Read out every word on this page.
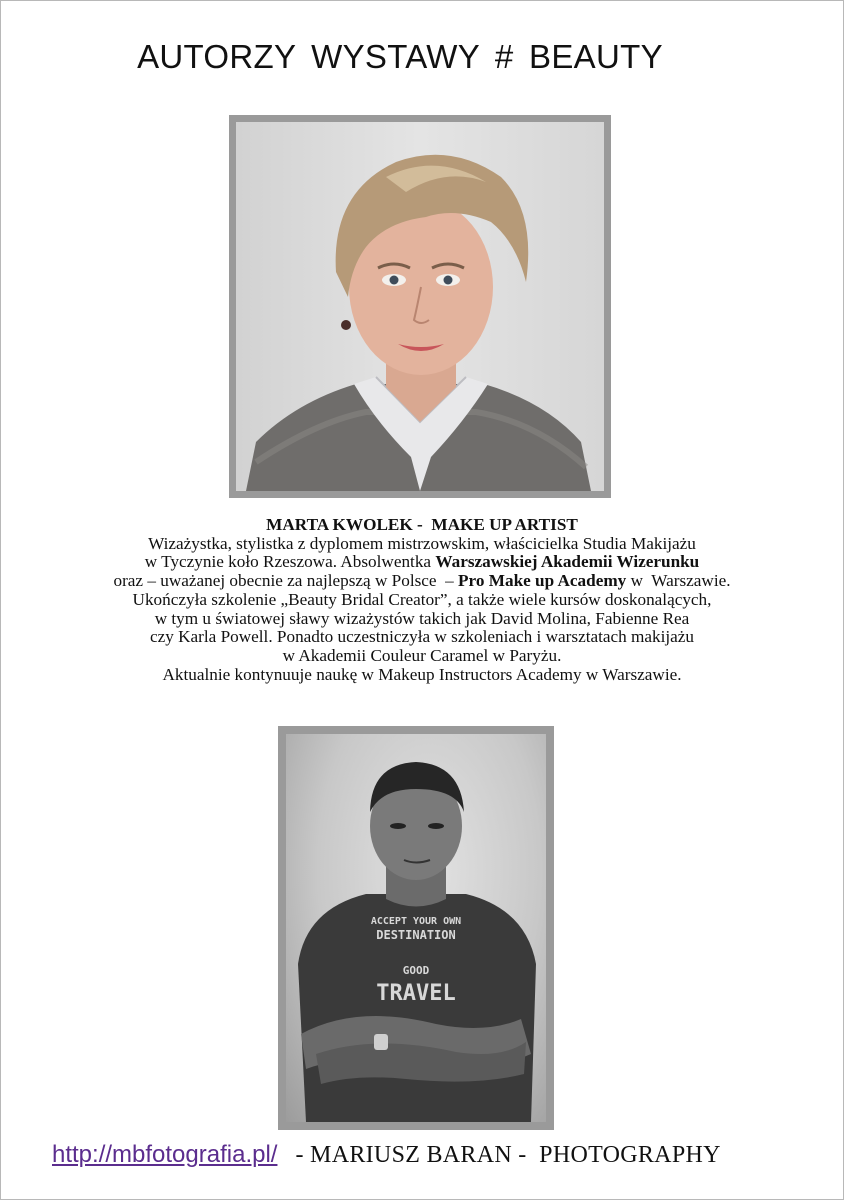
AUTORZY WYSTAWY # BEAUTY
MARTA KWOLEK -  MAKE UP ARTIST
Wizażystka, stylistka z dyplomem mistrzowskim, właścicielka Studia Makijażu
w Tyczynie koło Rzeszowa. Absolwentka Warszawskiej Akademii Wizerunku
oraz – uważanej obecnie za najlepszą w Polsce  – Pro Make up Academy w  Warszawie.
Ukończyła szkolenie „Beauty Bridal Creator”, a także wiele kursów doskonalących,
w tym u światowej sławy wizażystów takich jak David Molina, Fabienne Rea
czy Karla Powell. Ponadto uczestniczyła w szkoleniach i warsztatach makijażu
w Akademii Couleur Caramel w Paryżu.
Aktualnie kontynuuje naukę w Makeup Instructors Academy w Warszawie.
ACCEPT YOUR OWN
DESTINATION
GOOD
TRAVEL
http://mbfotografia.pl/ - MARIUSZ BARAN -  PHOTOGRAPHY
